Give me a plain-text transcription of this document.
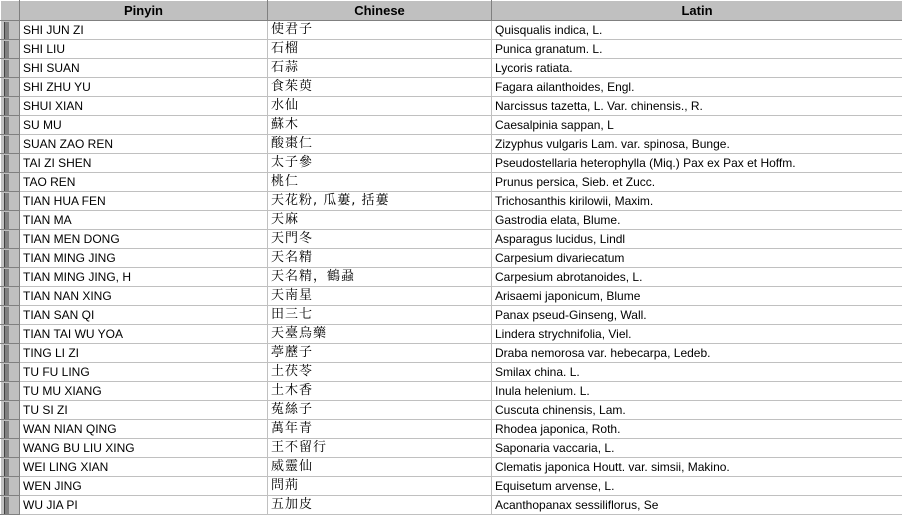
	Pinyin	Chinese	Latin

	SHI JUN ZI	使君子	Quisqualis indica, L.

	SHI LIU	石榴	Punica granatum. L.

	SHI SUAN	石蒜	Lycoris ratiata.

	SHI ZHU YU	食茱萸	Fagara ailanthoides, Engl.

	SHUI XIAN	水仙	Narcissus tazetta, L. Var. chinensis., R.

	SU MU	蘇木	Caesalpinia sappan, L

	SUAN ZAO REN	酸棗仁	Zizyphus vulgaris Lam. var. spinosa, Bunge.

	TAI ZI SHEN	太子參	Pseudostellaria heterophylla (Miq.) Pax ex Pax et Hoffm.

	TAO REN	桃仁	Prunus persica, Sieb. et Zucc.

	TIAN HUA FEN	天花粉, 瓜蔞, 括蔞	Trichosanthis kirilowii, Maxim.

	TIAN MA	天麻	Gastrodia elata, Blume.

	TIAN MEN DONG	天門冬	Asparagus lucidus, Lindl

	TIAN MING JING	天名精	Carpesium divariecatum

	TIAN MING JING, H	天名精，鶴蝨	Carpesium abrotanoides, L.

	TIAN NAN XING	天南星	Arisaemi japonicum, Blume

	TIAN SAN QI	田三七	Panax pseud-Ginseng, Wall.

	TIAN TAI WU YOA	天臺烏藥	Lindera strychnifolia, Viel.

	TING LI ZI	葶藶子	Draba nemorosa var. hebecarpa, Ledeb.

	TU FU LING	土茯苓	Smilax china. L.

	TU MU XIANG	土木香	Inula helenium. L.

	TU SI ZI	菟絲子	Cuscuta chinensis, Lam.

	WAN NIAN QING	萬年青	Rhodea japonica, Roth.

	WANG BU LIU XING	王不留行	Saponaria vaccaria, L.

	WEI LING XIAN	威靈仙	Clematis japonica Houtt. var. simsii, Makino.

	WEN JING	問荊	Equisetum arvense, L.

	WU JIA PI	五加皮	Acanthopanax sessiliflorus, Se
